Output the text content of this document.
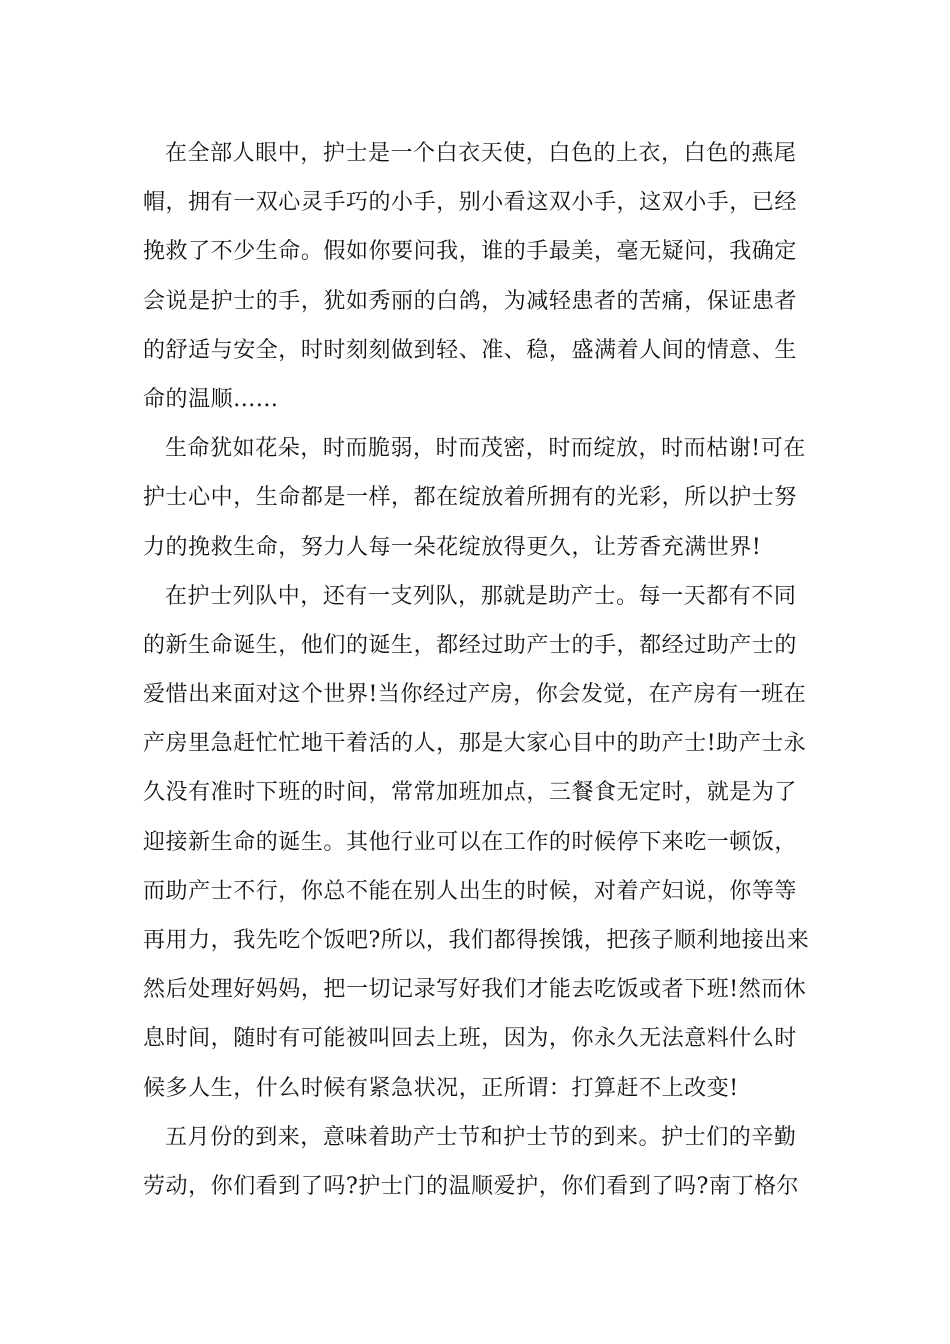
在全部人眼中，护士是一个白衣天使，白色的上衣，白色的燕尾
帽，拥有一双心灵手巧的小手，别小看这双小手，这双小手，已经
挽救了不少生命。假如你要问我，谁的手最美，毫无疑问，我确定
会说是护士的手，犹如秀丽的白鸽，为减轻患者的苦痛，保证患者
的舒适与安全，时时刻刻做到轻、准、稳，盛满着人间的情意、生
命的温顺......
生命犹如花朵，时而脆弱，时而茂密，时而绽放，时而枯谢!可在
护士心中，生命都是一样，都在绽放着所拥有的光彩，所以护士努
力的挽救生命，努力人每一朵花绽放得更久，让芳香充满世界!
在护士列队中，还有一支列队，那就是助产士。每一天都有不同
的新生命诞生，他们的诞生，都经过助产士的手，都经过助产士的
爱惜出来面对这个世界!当你经过产房，你会发觉，在产房有一班在
产房里急赶忙忙地干着活的人，那是大家心目中的助产士!助产士永
久没有准时下班的时间，常常加班加点，三餐食无定时，就是为了
迎接新生命的诞生。其他行业可以在工作的时候停下来吃一顿饭，
而助产士不行，你总不能在别人出生的时候，对着产妇说，你等等
再用力，我先吃个饭吧?所以，我们都得挨饿，把孩子顺利地接出来
然后处理好妈妈，把一切记录写好我们才能去吃饭或者下班!然而休
息时间，随时有可能被叫回去上班，因为，你永久无法意料什么时
候多人生，什么时候有紧急状况，正所谓：打算赶不上改变!
五月份的到来，意味着助产士节和护士节的到来。护士们的辛勤
劳动，你们看到了吗?护士门的温顺爱护，你们看到了吗?南丁格尔
